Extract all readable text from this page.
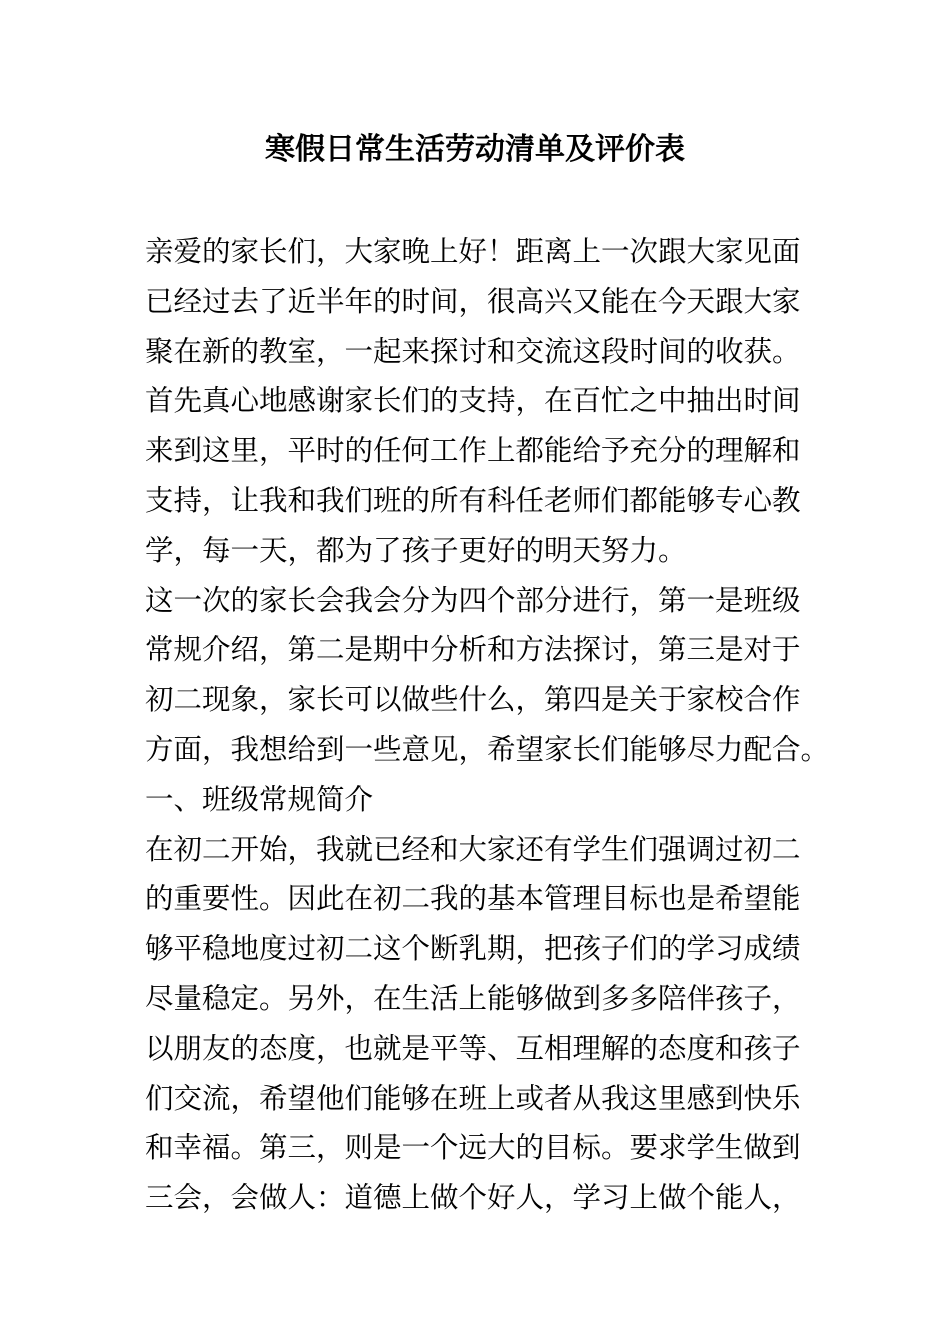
寒假日常生活劳动清单及评价表
亲爱的家长们，大家晚上好！距离上一次跟大家见面
已经过去了近半年的时间，很高兴又能在今天跟大家
聚在新的教室，一起来探讨和交流这段时间的收获。
首先真心地感谢家长们的支持，在百忙之中抽出时间
来到这里，平时的任何工作上都能给予充分的理解和
支持，让我和我们班的所有科任老师们都能够专心教
学，每一天，都为了孩子更好的明天努力。
这一次的家长会我会分为四个部分进行，第一是班级
常规介绍，第二是期中分析和方法探讨，第三是对于
初二现象，家长可以做些什么，第四是关于家校合作
方面，我想给到一些意见，希望家长们能够尽力配合。
一、班级常规简介
在初二开始，我就已经和大家还有学生们强调过初二
的重要性。因此在初二我的基本管理目标也是希望能
够平稳地度过初二这个断乳期，把孩子们的学习成绩
尽量稳定。另外，在生活上能够做到多多陪伴孩子，
以朋友的态度，也就是平等、互相理解的态度和孩子
们交流，希望他们能够在班上或者从我这里感到快乐
和幸福。第三，则是一个远大的目标。要求学生做到
三会，会做人：道德上做个好人，学习上做个能人，
